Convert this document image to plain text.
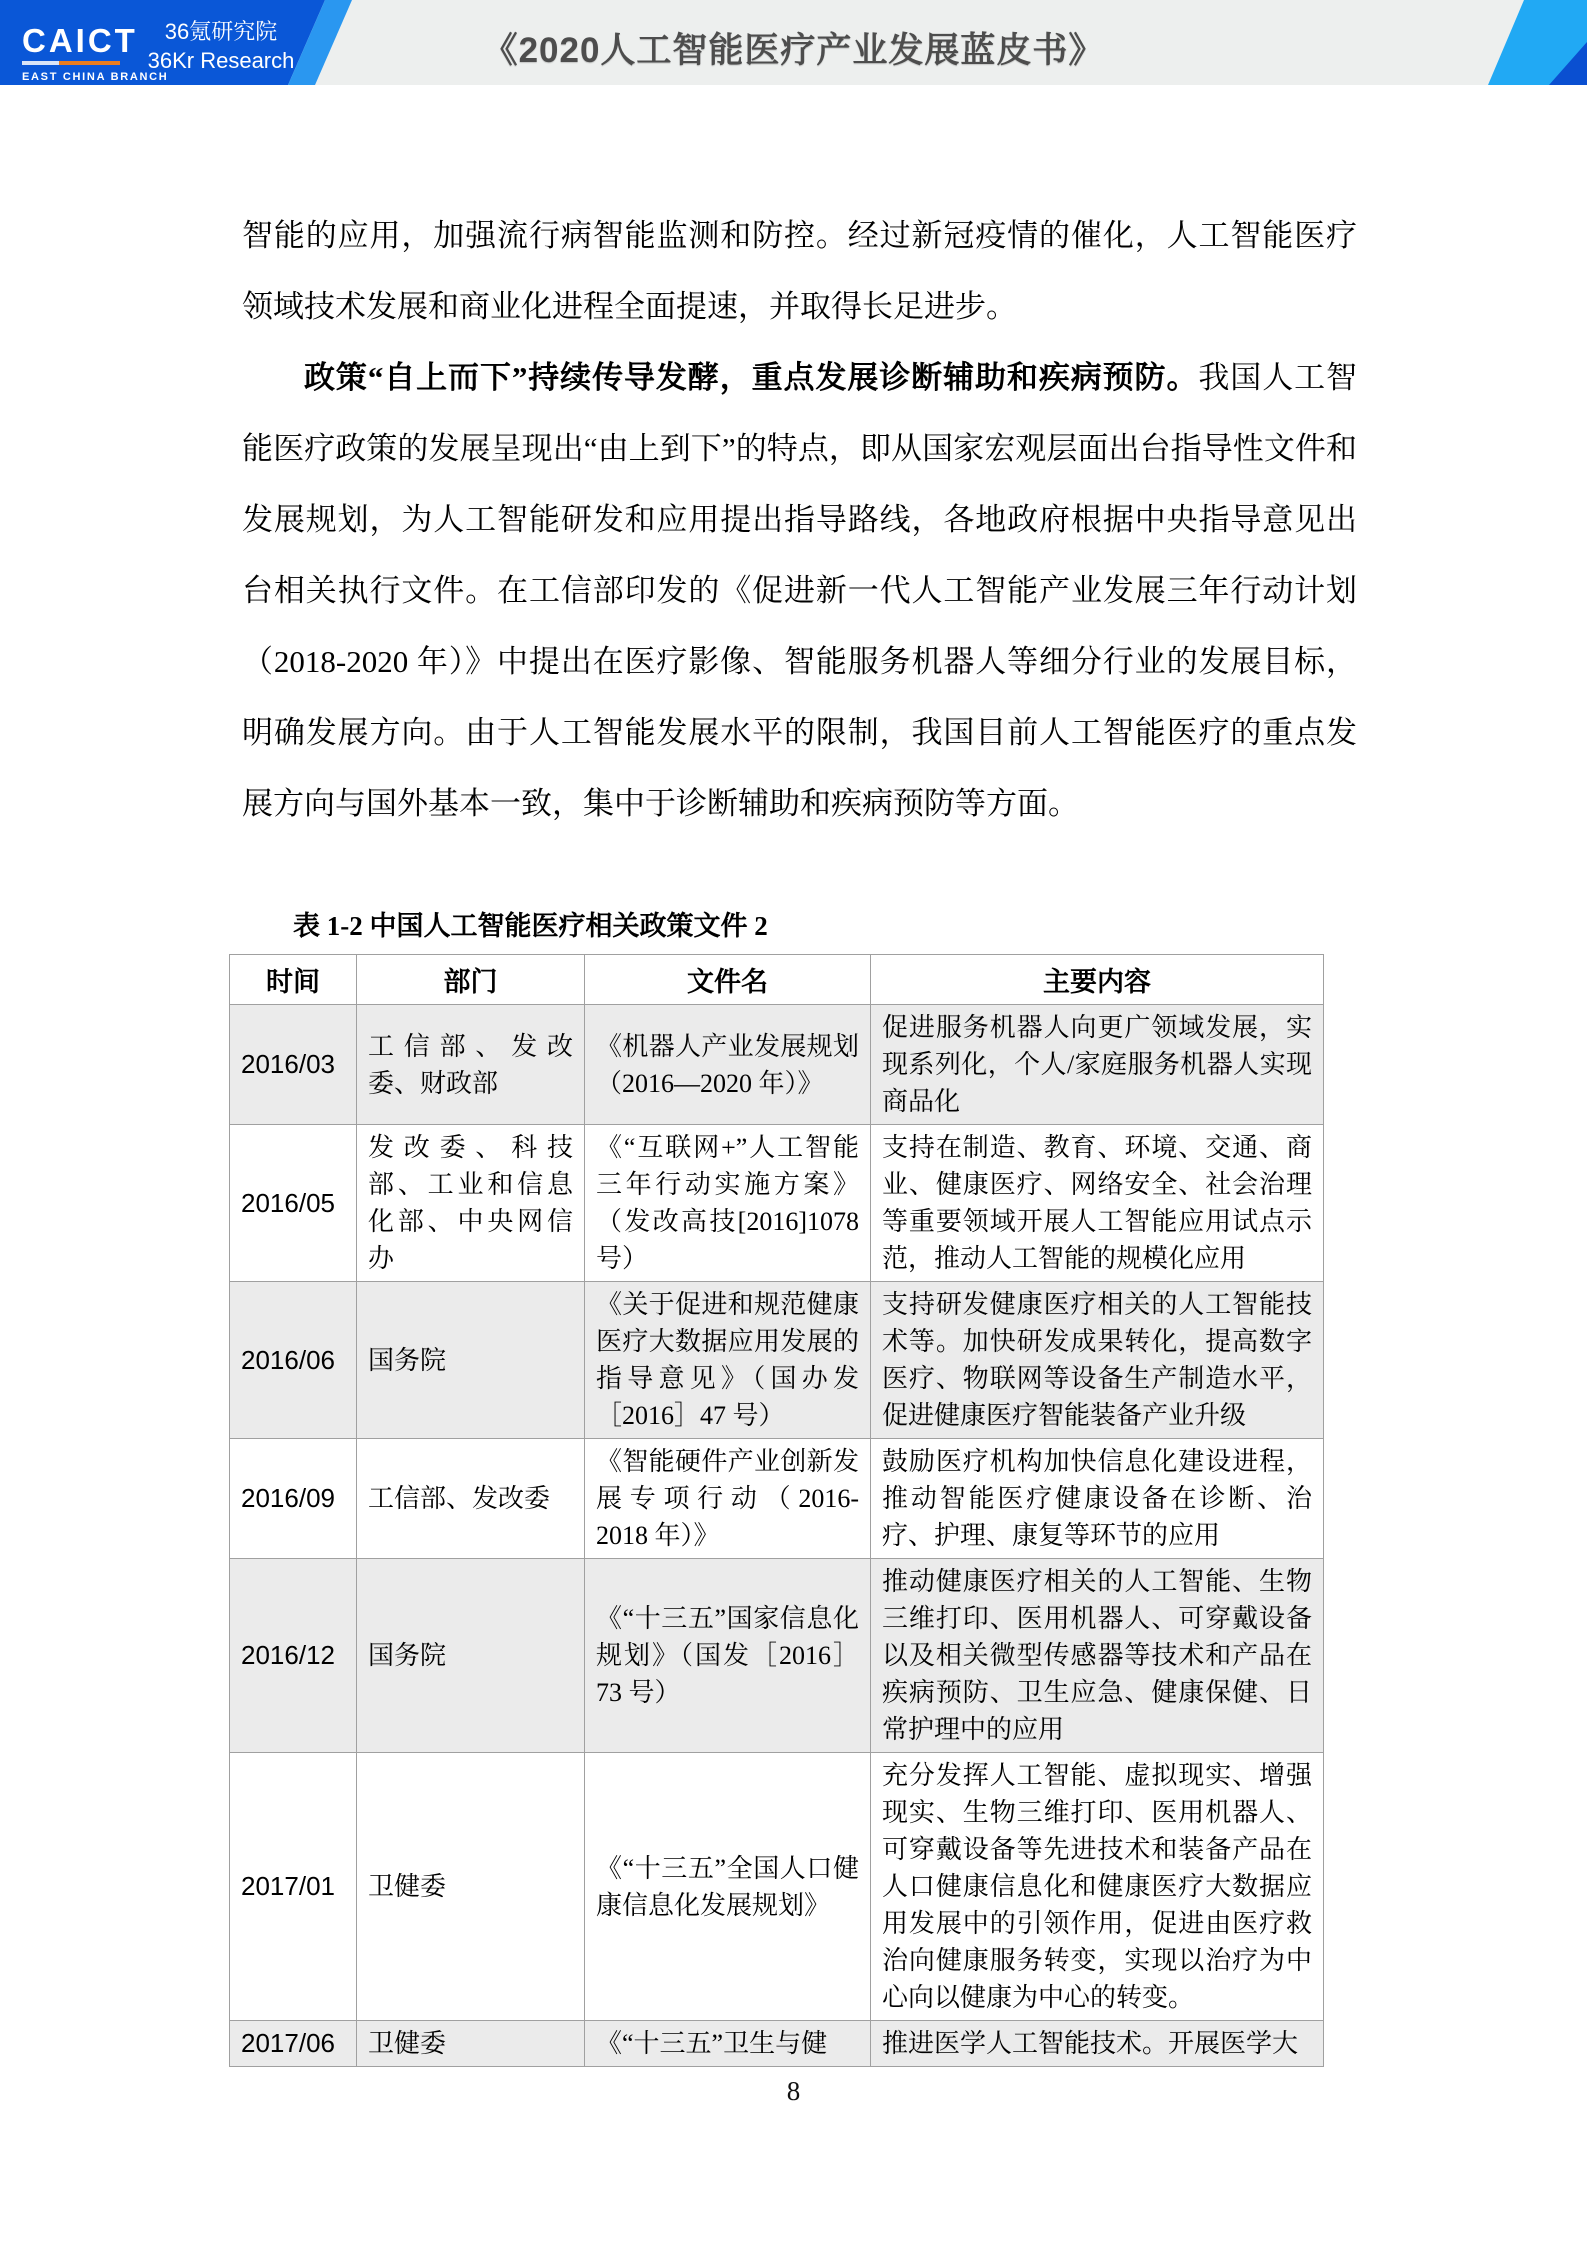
CAICT
EAST CHINA BRANCH
36氪研究院
36Kr Research	《2020人工智能医疗产业发展蓝皮书》

智能的应用，加强流行病智能监测和防控。经过新冠疫情的催化，人工智能医疗领域技术发展和商业化进程全面提速，并取得长足进步。

政策“自上而下”持续传导发酵，重点发展诊断辅助和疾病预防。我国人工智能医疗政策的发展呈现出“由上到下”的特点，即从国家宏观层面出台指导性文件和发展规划，为人工智能研发和应用提出指导路线，各地政府根据中央指导意见出台相关执行文件。在工信部印发的《促进新一代人工智能产业发展三年行动计划（2018-2020 年）》中提出在医疗影像、智能服务机器人等细分行业的发展目标，明确发展方向。由于人工智能发展水平的限制，我国目前人工智能医疗的重点发展方向与国外基本一致，集中于诊断辅助和疾病预防等方面。

表 1-2 中国人工智能医疗相关政策文件 2
时间	部门	文件名	主要内容
2016/03	工信部、发改委、财政部	《机器人产业发展规划（2016—2020 年）》	促进服务机器人向更广领域发展，实现系列化，个人/家庭服务机器人实现商品化
2016/05	发改委、科技部、工业和信息化部、中央网信办	《“互联网+”人工智能三年行动实施方案》（发改高技[2016]1078 号）	支持在制造、教育、环境、交通、商业、健康医疗、网络安全、社会治理等重要领域开展人工智能应用试点示范，推动人工智能的规模化应用
2016/06	国务院	《关于促进和规范健康医疗大数据应用发展的指导意见》（国办发［2016］47 号）	支持研发健康医疗相关的人工智能技术等。加快研发成果转化，提高数字医疗、物联网等设备生产制造水平，促进健康医疗智能装备产业升级
2016/09	工信部、发改委	《智能硬件产业创新发展专项行动（2016-2018 年）》	鼓励医疗机构加快信息化建设进程，推动智能医疗健康设备在诊断、治疗、护理、康复等环节的应用
2016/12	国务院	《“十三五”国家信息化规划》（国发［2016］73 号）	推动健康医疗相关的人工智能、生物三维打印、医用机器人、可穿戴设备以及相关微型传感器等技术和产品在疾病预防、卫生应急、健康保健、日常护理中的应用
2017/01	卫健委	《“十三五”全国人口健康信息化发展规划》	充分发挥人工智能、虚拟现实、增强现实、生物三维打印、医用机器人、可穿戴设备等先进技术和装备产品在人口健康信息化和健康医疗大数据应用发展中的引领作用，促进由医疗救治向健康服务转变，实现以治疗为中心向以健康为中心的转变。
2017/06	卫健委	《“十三五”卫生与健	推进医学人工智能技术。开展医学大
8
